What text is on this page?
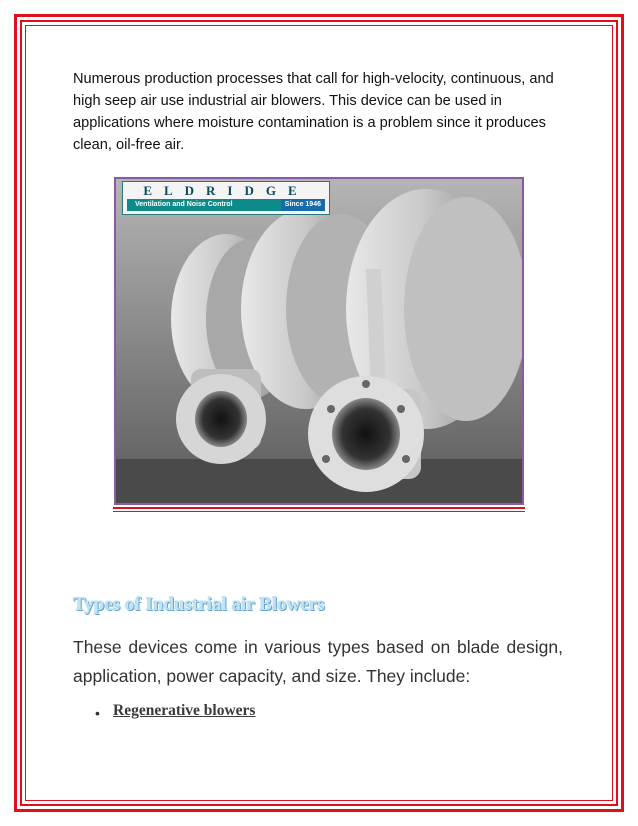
Numerous production processes that call for high-velocity, continuous, and high seep air use industrial air blowers. This device can be used in applications where moisture contamination is a problem since it produces clean, oil-free air.

ELDRIDGE
Ventilation and Noise Control	Since 1946
Types of Industrial air Blowers

These devices come in various types based on blade design, application, power capacity, and size. They include:

• Regenerative blowers
